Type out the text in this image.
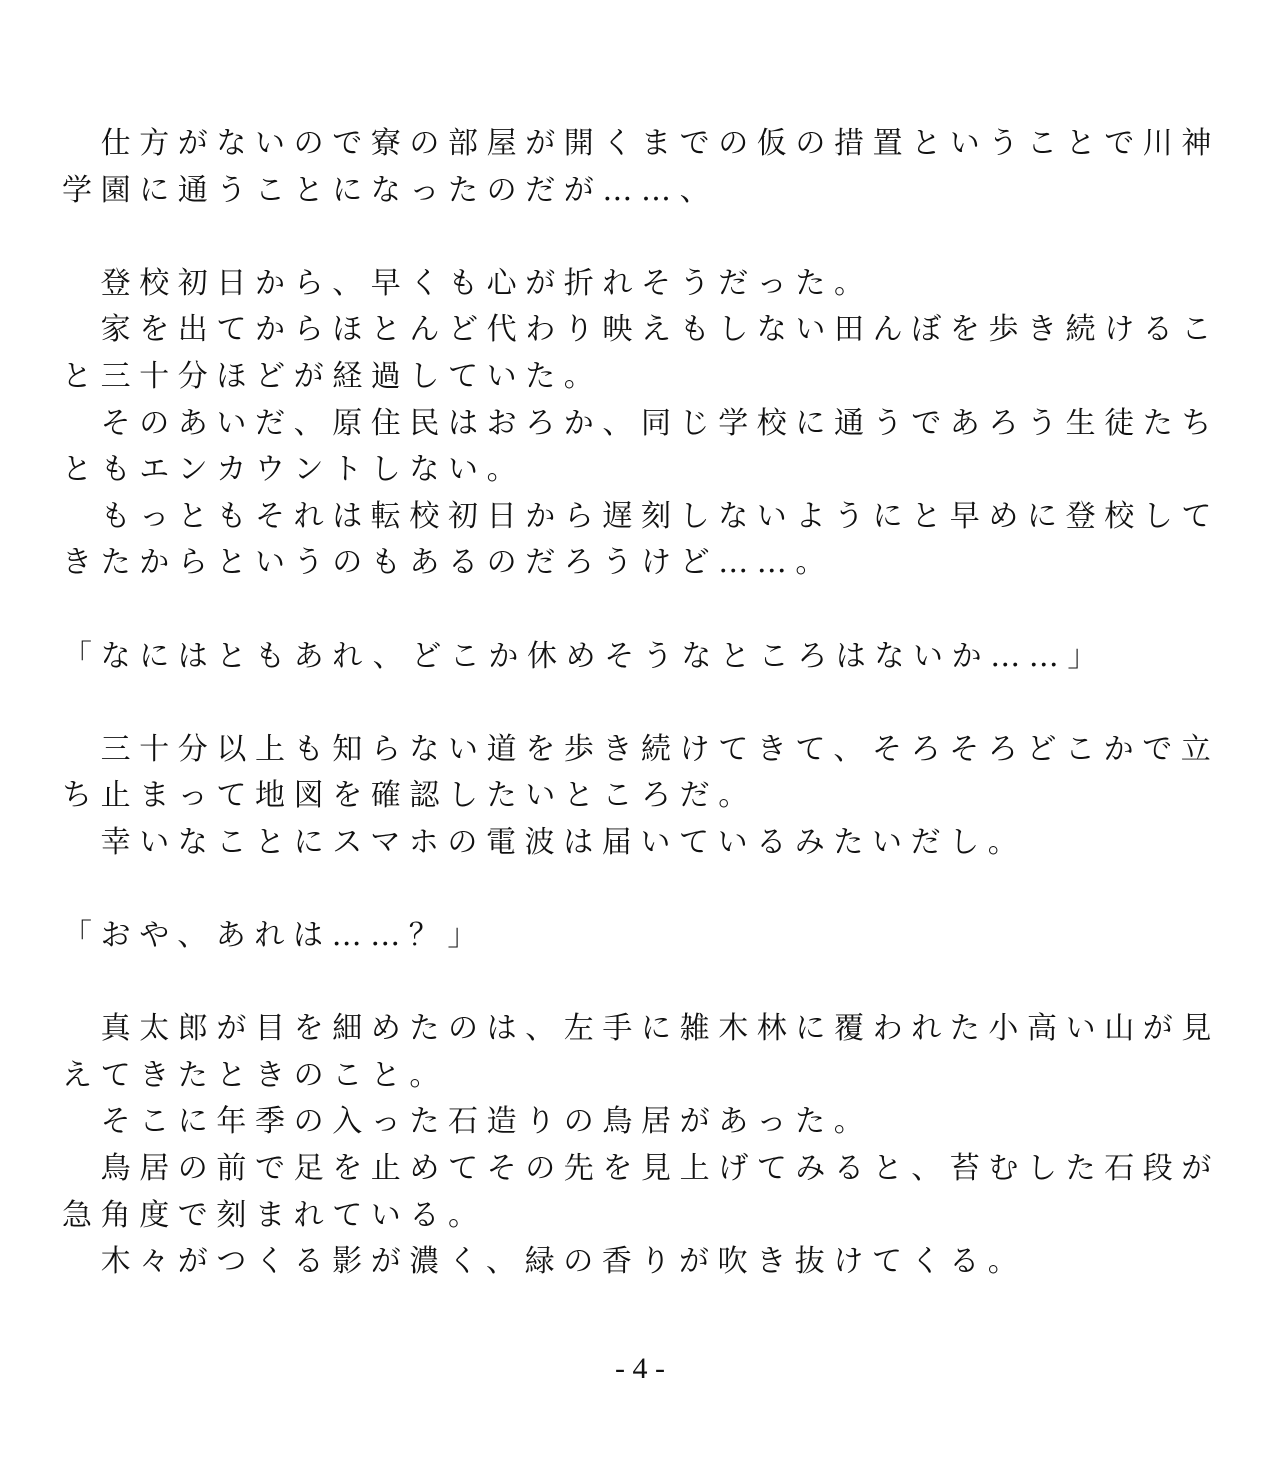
　仕方がないので寮の部屋が開くまでの仮の措置ということで川神
学園に通うことになったのだが……、
　登校初日から、早くも心が折れそうだった。
　家を出てからほとんど代わり映えもしない田んぼを歩き続けるこ
と三十分ほどが経過していた。
　そのあいだ、原住民はおろか、同じ学校に通うであろう生徒たち
ともエンカウントしない。
　もっともそれは転校初日から遅刻しないようにと早めに登校して
きたからというのもあるのだろうけど……。
「なにはともあれ、どこか休めそうなところはないか……」
　三十分以上も知らない道を歩き続けてきて、そろそろどこかで立
ち止まって地図を確認したいところだ。
　幸いなことにスマホの電波は届いているみたいだし。
「おや、あれは……？」
　真太郎が目を細めたのは、左手に雑木林に覆われた小高い山が見
えてきたときのこと。
　そこに年季の入った石造りの鳥居があった。
　鳥居の前で足を止めてその先を見上げてみると、苔むした石段が
急角度で刻まれている。
　木々がつくる影が濃く、緑の香りが吹き抜けてくる。
- 4 -
